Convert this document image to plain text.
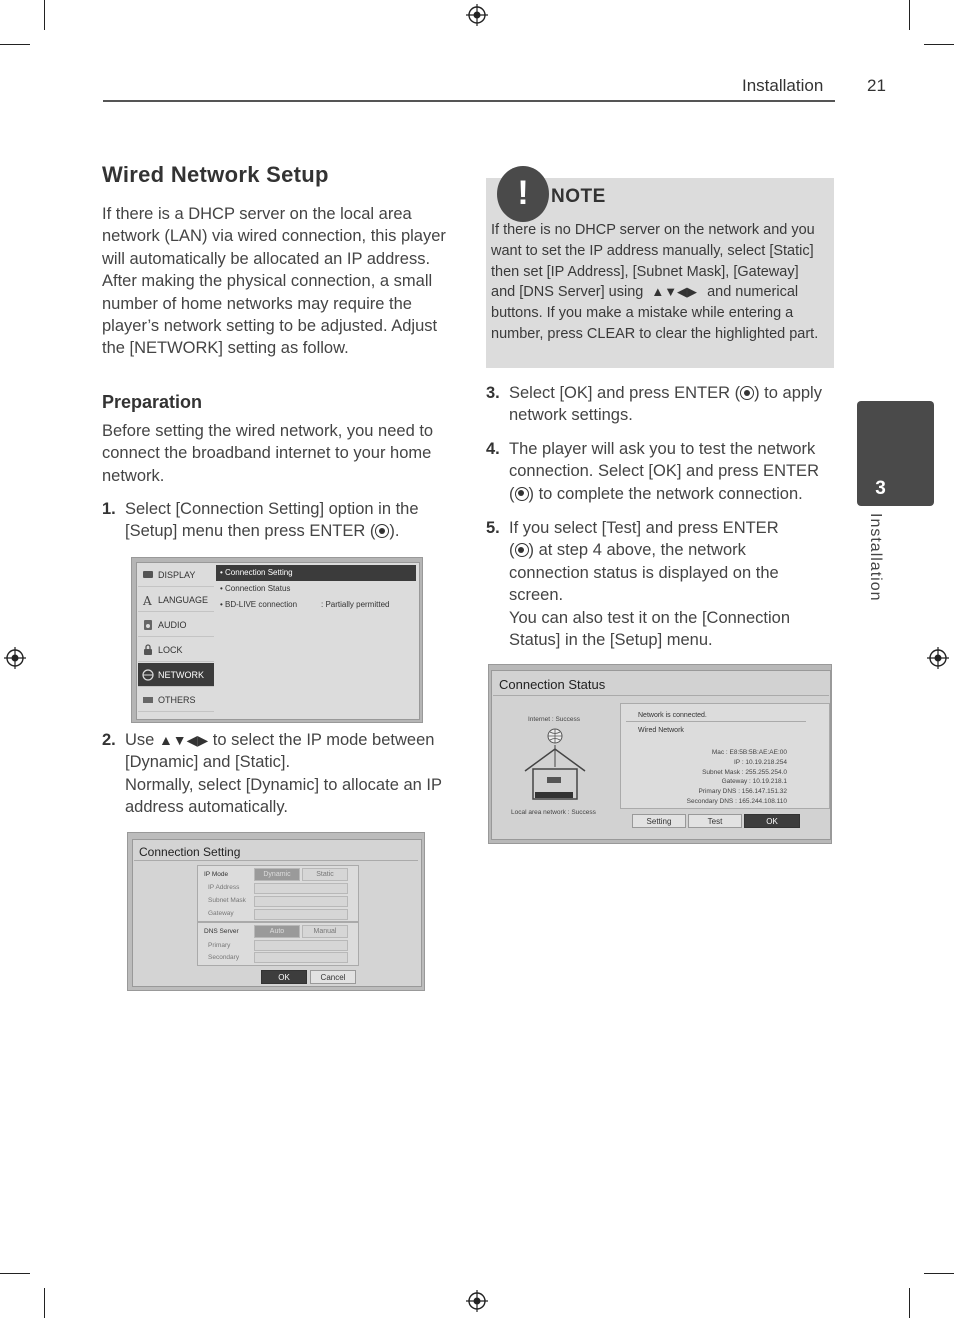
Installation	21
3
Installation
Wired Network Setup
If there is a DHCP server on the local area
network (LAN) via wired connection, this player
will automatically be allocated an IP address.
After making the physical connection, a small
number of home networks may require the
player’s network setting to be adjusted. Adjust
the [NETWORK] setting as follow.
Preparation
Before setting the wired network, you need to
connect the broadband internet to your home
network.
1. Select [Connection Setting] option in the
[Setup] menu then press ENTER ( ).
DISPLAY
A LANGUAGE
AUDIO
LOCK
NETWORK
OTHERS
• Connection Setting
• Connection Status
• BD-LIVE connection	: Partially permitted
2. Use ▲▼◀▶ to select the IP mode between
[Dynamic] and [Static].
Normally, select [Dynamic] to allocate an IP
address automatically.
Connection Setting
IP Mode	Dynamic	Static
IP Address
Subnet Mask
Gateway
DNS Server	Auto	Manual
Primary
Secondary
OK	Cancel
!	NOTE
If there is no DHCP server on the network and you
want to set the IP address manually, select [Static]
then set [IP Address], [Subnet Mask], [Gateway]
and [DNS Server] using ▲▼◀▶ and numerical
buttons. If you make a mistake while entering a
number, press CLEAR to clear the highlighted part.
3. Select [OK] and press ENTER ( ) to apply
network settings.
4. The player will ask you to test the network
connection. Select [OK] and press ENTER
( ) to complete the network connection.
5. If you select [Test] and press ENTER
( ) at step 4 above, the network
connection status is displayed on the
screen.
You can also test it on the [Connection
Status] in the [Setup] menu.
Connection Status
Internet : Success
Local area network : Success
Network is connected.
Wired Network
Mac : E8:5B:5B:AE:AE:00
IP : 10.19.218.254
Subnet Mask : 255.255.254.0
Gateway : 10.19.218.1
Primary DNS : 156.147.151.32
Secondary DNS : 165.244.108.110
Setting	Test	OK
